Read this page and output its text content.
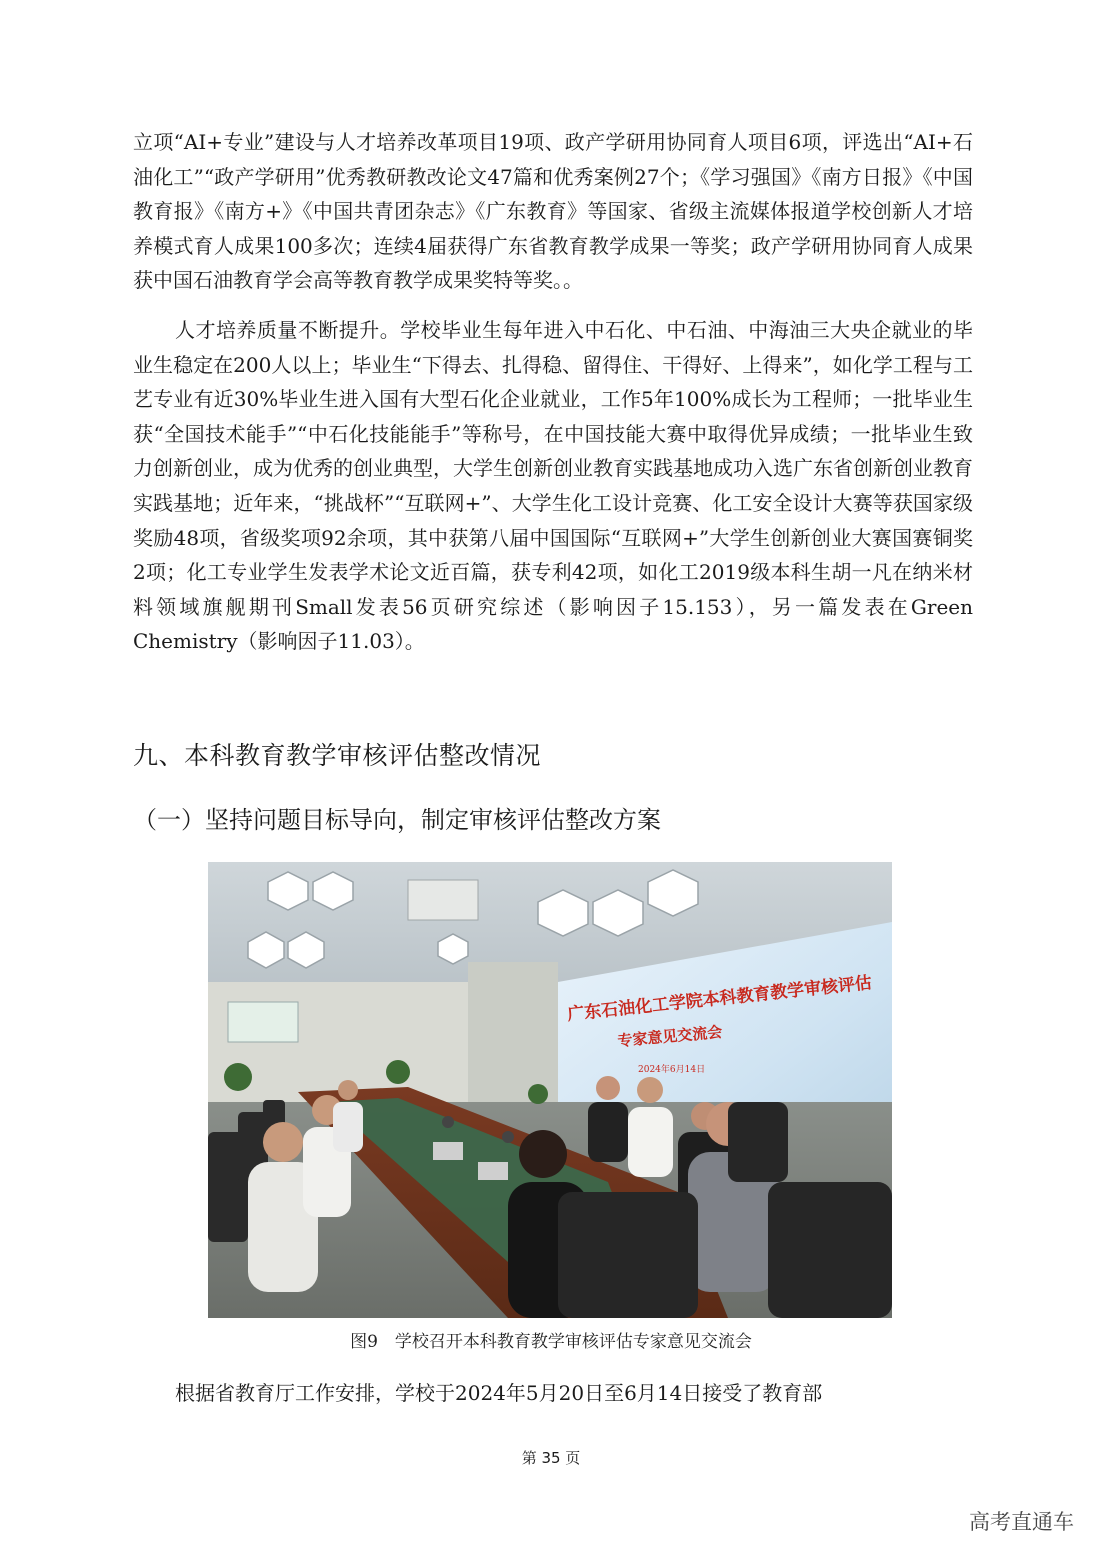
立项“AI+专业”建设与人才培养改革项目19项、政产学研用协同育人项目6项，评选出“AI+石油化工”“政产学研用”优秀教研教改论文47篇和优秀案例27个；《学习强国》《南方日报》《中国教育报》《南方+》《中国共青团杂志》《广东教育》等国家、省级主流媒体报道学校创新人才培养模式育人成果100多次；连续4届获得广东省教育教学成果一等奖；政产学研用协同育人成果获中国石油教育学会高等教育教学成果奖特等奖。。

人才培养质量不断提升。学校毕业生每年进入中石化、中石油、中海油三大央企就业的毕业生稳定在200人以上；毕业生“下得去、扎得稳、留得住、干得好、上得来”，如化学工程与工艺专业有近30%毕业生进入国有大型石化企业就业，工作5年100%成长为工程师；一批毕业生获“全国技术能手”“中石化技能能手”等称号，在中国技能大赛中取得优异成绩；一批毕业生致力创新创业，成为优秀的创业典型，大学生创新创业教育实践基地成功入选广东省创新创业教育实践基地；近年来，“挑战杯”“互联网+”、大学生化工设计竞赛、化工安全设计大赛等获国家级奖励48项，省级奖项92余项，其中获第八届中国国际“互联网+”大学生创新创业大赛国赛铜奖2项；化工专业学生发表学术论文近百篇，获专利42项，如化工2019级本科生胡一凡在纳米材料领域旗舰期刊Small发表56页研究综述（影响因子15.153），另一篇发表在Green Chemistry（影响因子11.03）。

九、本科教育教学审核评估整改情况
（一）坚持问题目标导向，制定审核评估整改方案
广东石油化工学院本科教育教学审核评估
专家意见交流会
2024年6月14日
图9　学校召开本科教育教学审核评估专家意见交流会

根据省教育厅工作安排，学校于2024年5月20日至6月14日接受了教育部

第 35 页
高考直通车
